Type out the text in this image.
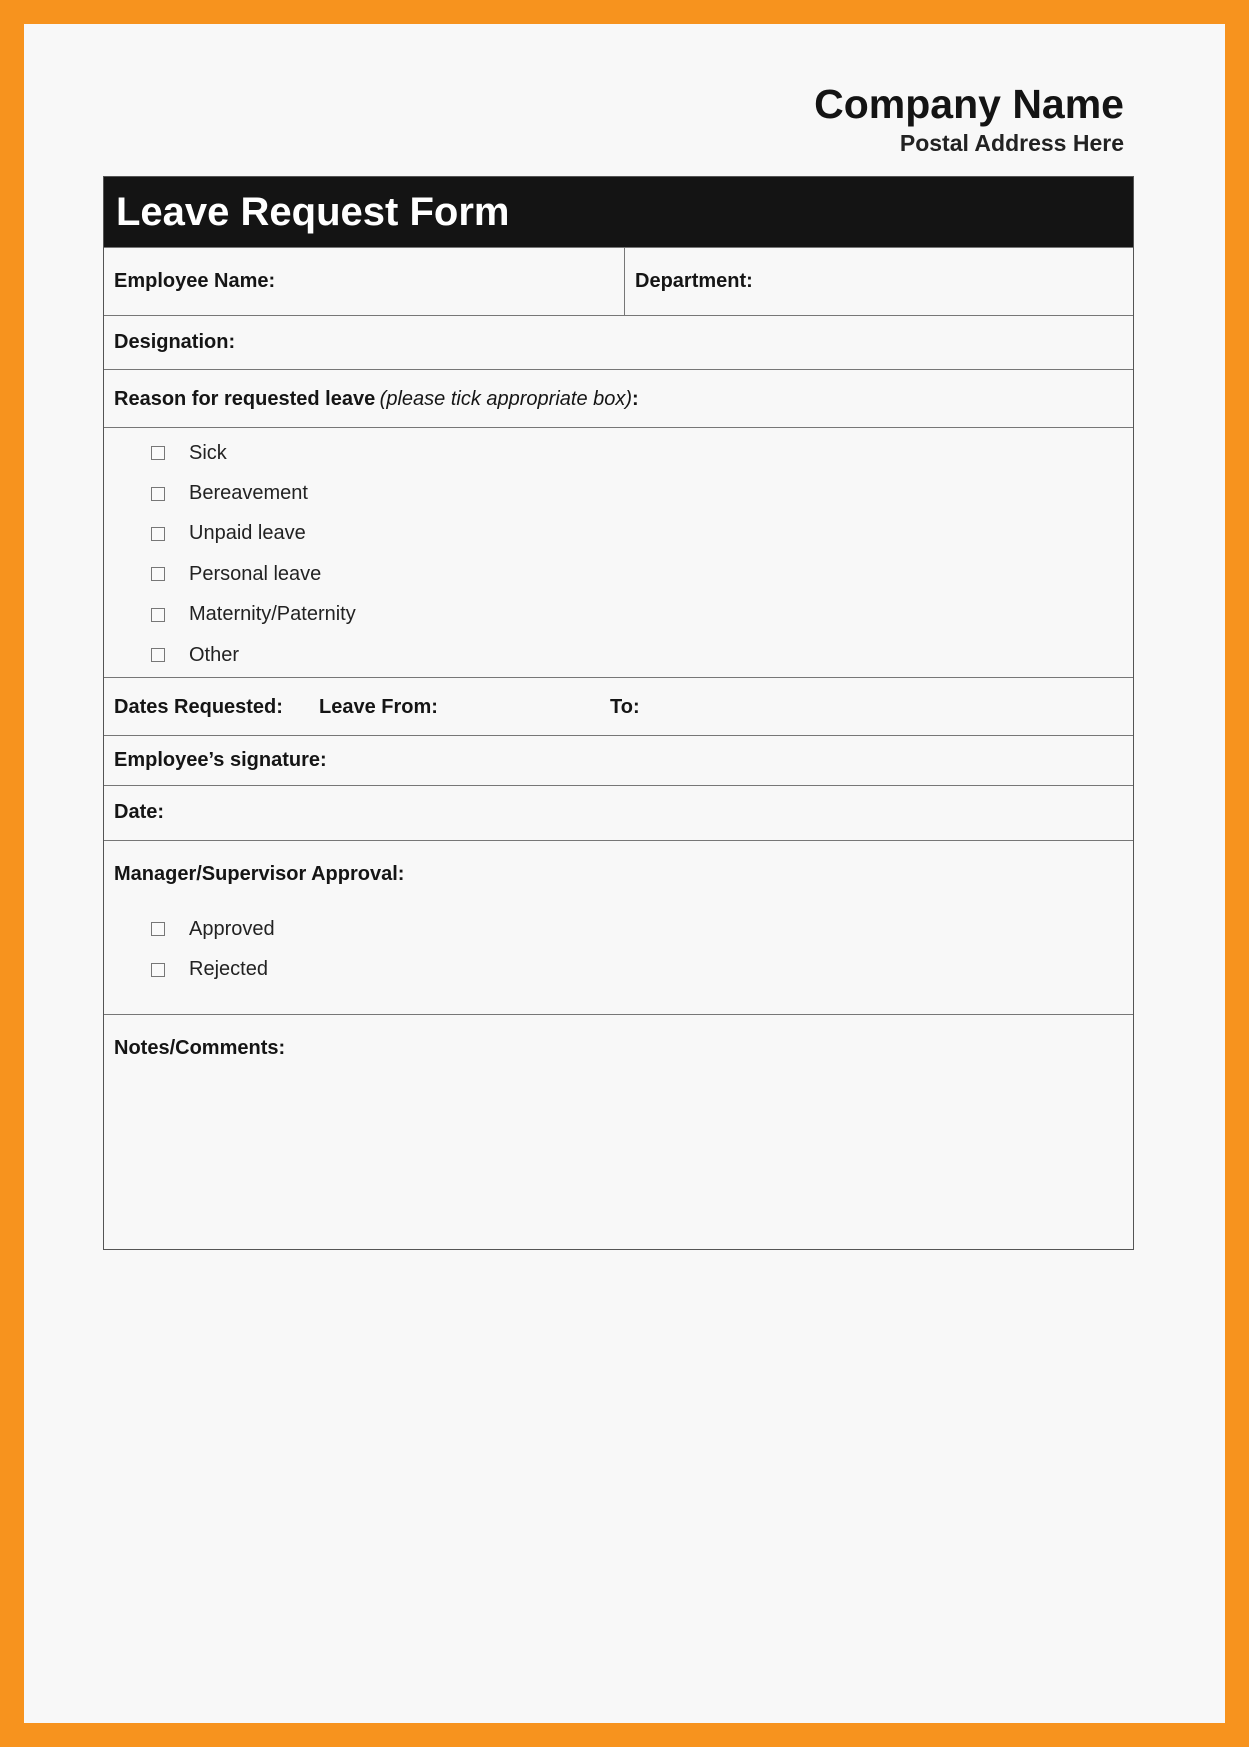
Company Name
Postal Address Here
Leave Request Form
Employee Name:	Department:
Designation:
Reason for requested leave (please tick appropriate box):
Sick
Bereavement
Unpaid leave
Personal leave
Maternity/Paternity
Other
Dates Requested: Leave From:	To:
Employee’s signature:
Date:
Manager/Supervisor Approval:
Approved
Rejected
Notes/Comments:
